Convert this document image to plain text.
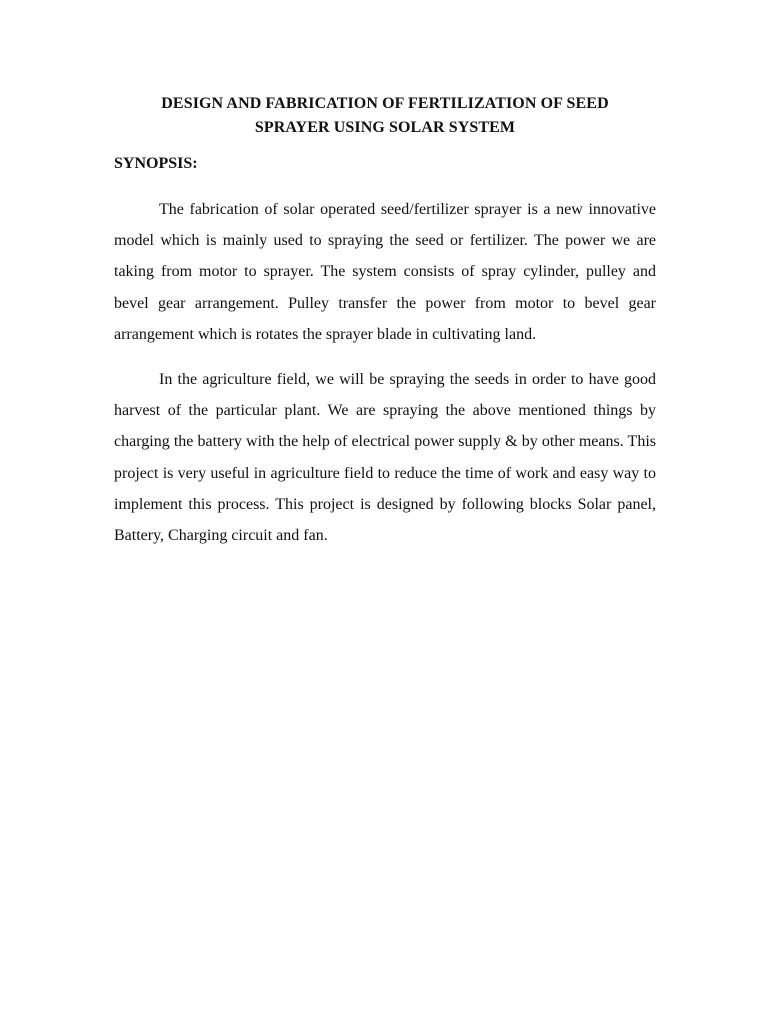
DESIGN AND FABRICATION OF FERTILIZATION OF SEED
SPRAYER USING SOLAR SYSTEM
SYNOPSIS:

The fabrication of solar operated seed/fertilizer sprayer is a new innovative model which is mainly used to spraying the seed or fertilizer. The power we are taking from motor to sprayer. The system consists of spray cylinder, pulley and bevel gear arrangement. Pulley transfer the power from motor to bevel gear arrangement which is rotates the sprayer blade in cultivating land.

In the agriculture field, we will be spraying the seeds in order to have good harvest of the particular plant. We are spraying the above mentioned things by charging the battery with the help of electrical power supply & by other means. This project is very useful in agriculture field to reduce the time of work and easy way to implement this process. This project is designed by following blocks Solar panel, Battery, Charging circuit and fan.
